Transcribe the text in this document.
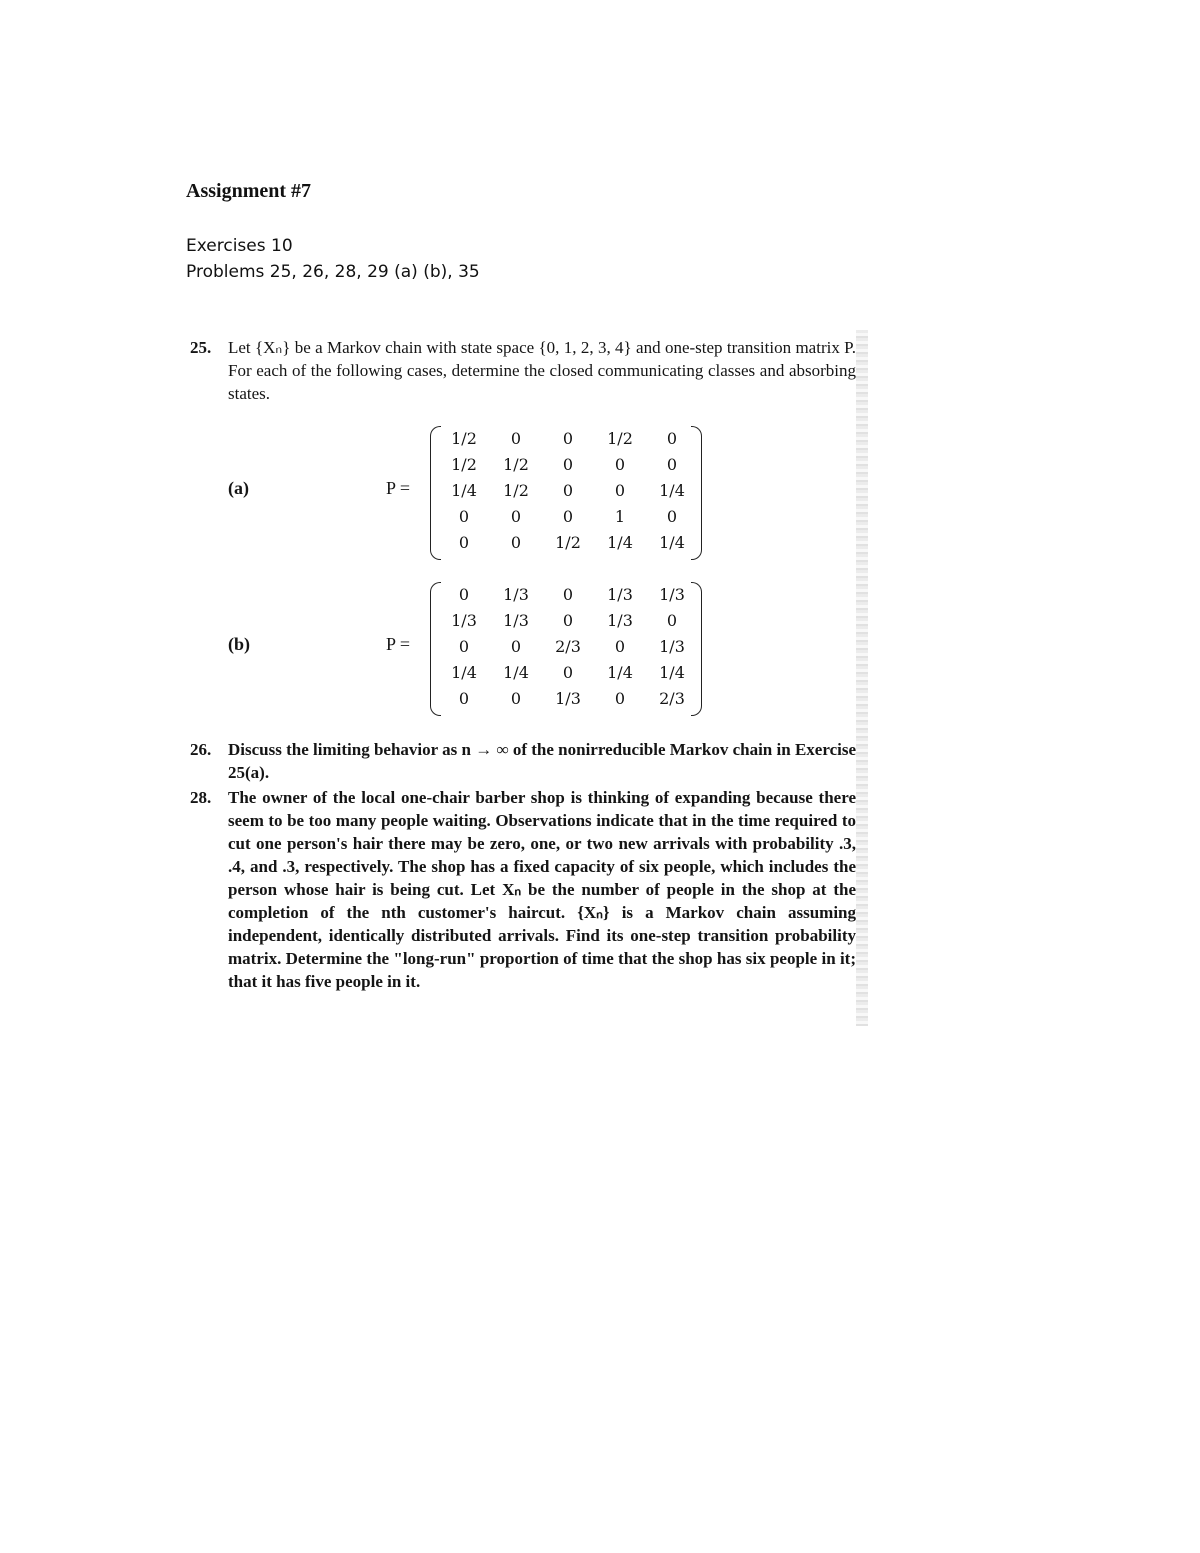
Assignment #7

Exercises 10
Problems 25, 26, 28, 29 (a) (b), 35
25. Let {Xₙ} be a Markov chain with state space {0, 1, 2, 3, 4} and one-step transition matrix P. For each of the following cases, determine the closed communicating classes and absorbing states.
(a)	P =
1/2	0	0	1/2	0
1/2	1/2	0	0	0
1/4	1/2	0	0	1/4
0	0	0	1	0
0	0	1/2	1/4	1/4
(b)	P =
0	1/3	0	1/3	1/3
1/3	1/3	0	1/3	0
0	0	2/3	0	1/3
1/4	1/4	0	1/4	1/4
0	0	1/3	0	2/3
26. Discuss the limiting behavior as n → ∞ of the nonirreducible Markov chain in Exercise 25(a).
28. The owner of the local one-chair barber shop is thinking of expanding because there seem to be too many people waiting. Observations indicate that in the time required to cut one person's hair there may be zero, one, or two new arrivals with probability .3, .4, and .3, respectively. The shop has a fixed capacity of six people, which includes the person whose hair is being cut. Let Xₙ be the number of people in the shop at the completion of the nth customer's haircut. {Xₙ} is a Markov chain assuming independent, identically distributed arrivals. Find its one-step transition probability matrix. Determine the "long-run" proportion of time that the shop has six people in it; that it has five people in it.
